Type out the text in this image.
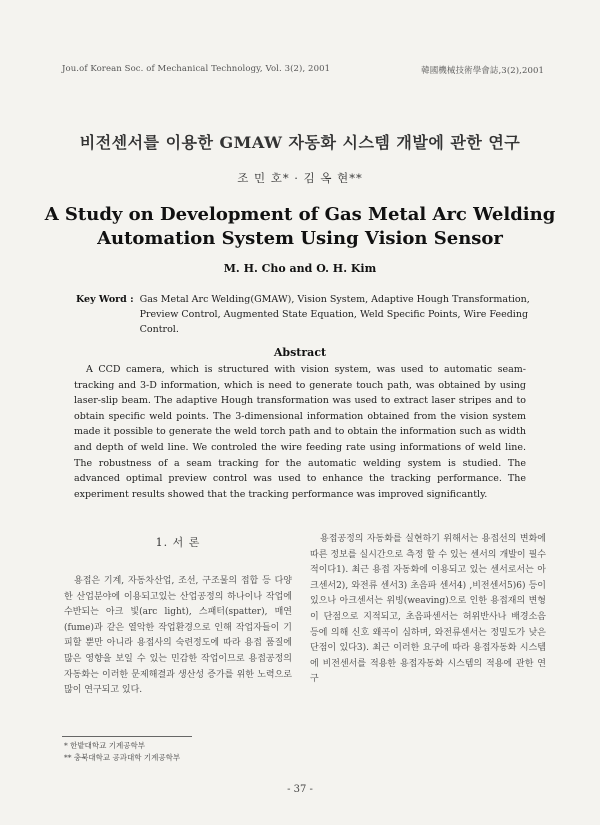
Jou.of Korean Soc. of Mechanical Technology, Vol. 3(2), 2001	韓國機械技術學會誌,3(2),2001
비전센서를 이용한 GMAW 자동화 시스템 개발에 관한 연구
조 민 호* · 김 옥 현**
A Study on Development of Gas Metal Arc Welding Automation System Using Vision Sensor
M. H. Cho and O. H. Kim
Key Word : Gas Metal Arc Welding(GMAW), Vision System, Adaptive Hough Transformation, Preview Control, Augmented State Equation, Weld Specific Points, Wire Feeding Control.
Abstract
A CCD camera, which is structured with vision system, was used to automatic seam-tracking and 3-D information, which is need to generate touch path, was obtained by using laser-slip beam. The adaptive Hough transformation was used to extract laser stripes and to obtain specific weld points. The 3-dimensional information obtained from the vision system made it possible to generate the weld torch path and to obtain the information such as width and depth of weld line. We controled the wire feeding rate using informations of weld line. The robustness of a seam tracking for the automatic welding system is studied. The advanced optimal preview control was used to enhance the tracking performance. The experiment results showed that the tracking performance was improved significantly.
1. 서 론
용접은 기계, 자동차산업, 조선, 구조물의 접합 등 다양한 산업분야에 이용되고있는 산업공정의 하나이나 작업에 수반되는 아크 빛(arc light), 스패터(spatter), 매연(fume)과 같은 열악한 작업환경으로 인해 작업자들이 기피할 뿐만 아니라 용접사의 숙련정도에 따라 용접 품질에 많은 영향을 보일 수 있는 민감한 작업이므로 용접공정의 자동화는 이러한 문제해결과 생산성 증가를 위한 노력으로 많이 연구되고 있다.
용접공정의 자동화를 실현하기 위해서는 용접선의 변화에 따른 정보를 실시간으로 측정 할 수 있는 센서의 개발이 필수 적이다1). 최근 용접 자동화에 이용되고 있는 센서로서는 아크센서2), 와전류 센서3) 초음파 센서4) ,비전센서5)6) 등이 있으나 아크센서는 위빙(weaving)으로 인한 용접재의 변형이 단점으로 지적되고, 초음파센서는 허위반사나 배경소음 등에 의해 신호 왜곡이 심하며, 와전류센서는 정밀도가 낮은 단점이 있다3). 최근 이러한 요구에 따라 용접자동화 시스템에 비전센서를 적용한 용접자동화 시스템의 적용에 관한 연구
* 한밭대학교 기계공학부
** 충북대학교 공과대학 기계공학부
- 37 -
